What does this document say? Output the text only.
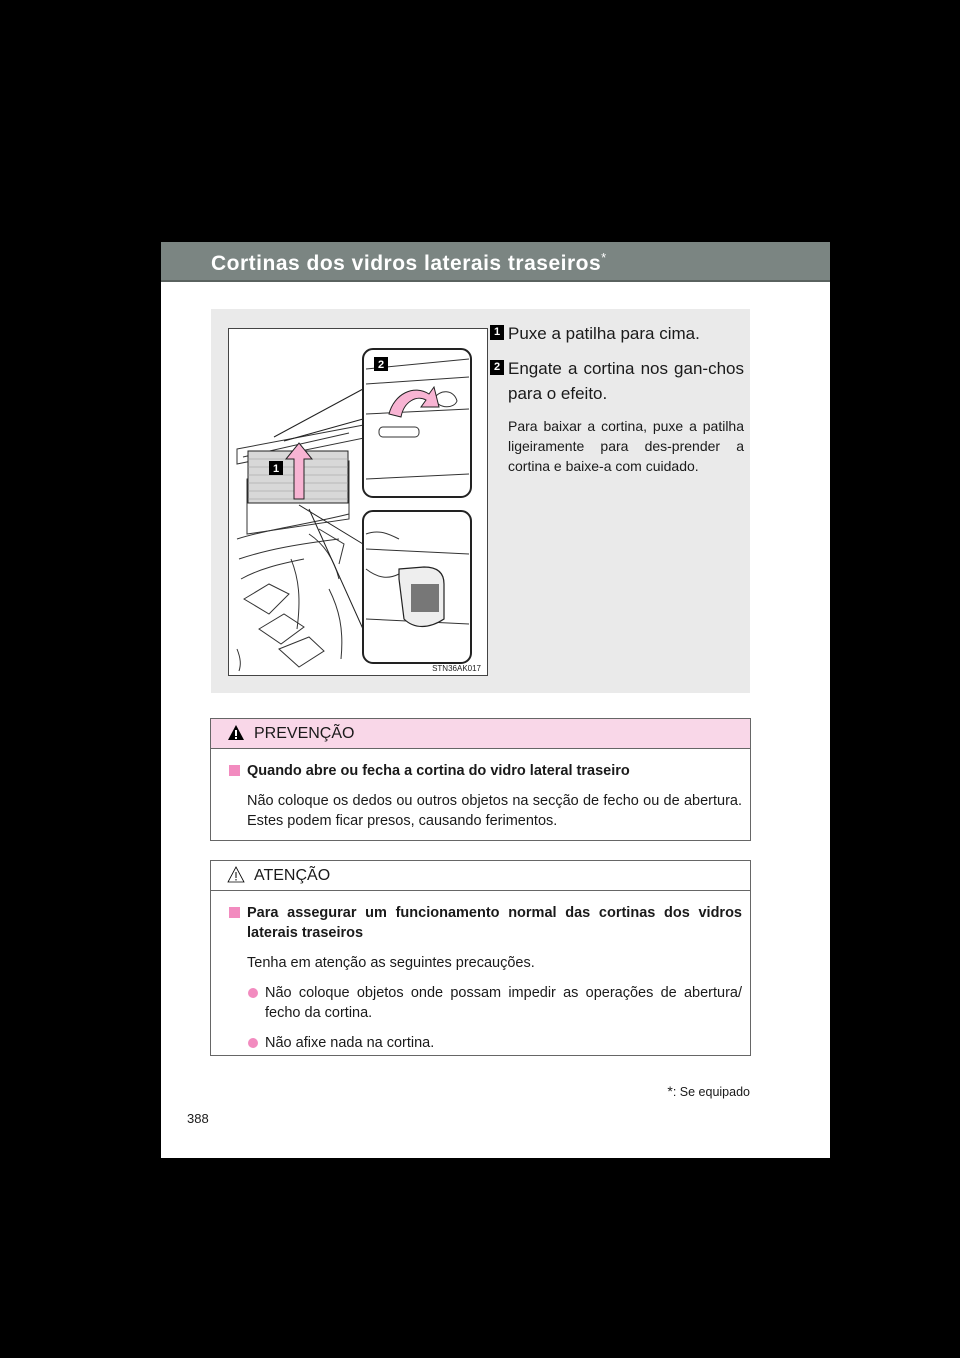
Cortinas dos vidros laterais traseiros*
2
1
STN36AK017
1 Puxe a patilha para cima.
2 Engate a cortina nos gan-chos para o efeito.
Para baixar a cortina, puxe a patilha ligeiramente para des-prender a cortina e baixe-a com cuidado.
PREVENÇÃO
Quando abre ou fecha a cortina do vidro lateral traseiro
Não coloque os dedos ou outros objetos na secção de fecho ou de abertura. Estes podem ficar presos, causando ferimentos.
ATENÇÃO
Para assegurar um funcionamento normal das cortinas dos vidros laterais traseiros
Tenha em atenção as seguintes precauções.
Não coloque objetos onde possam impedir as operações de abertura/ fecho da cortina.
Não afixe nada na cortina.
*: Se equipado
388
